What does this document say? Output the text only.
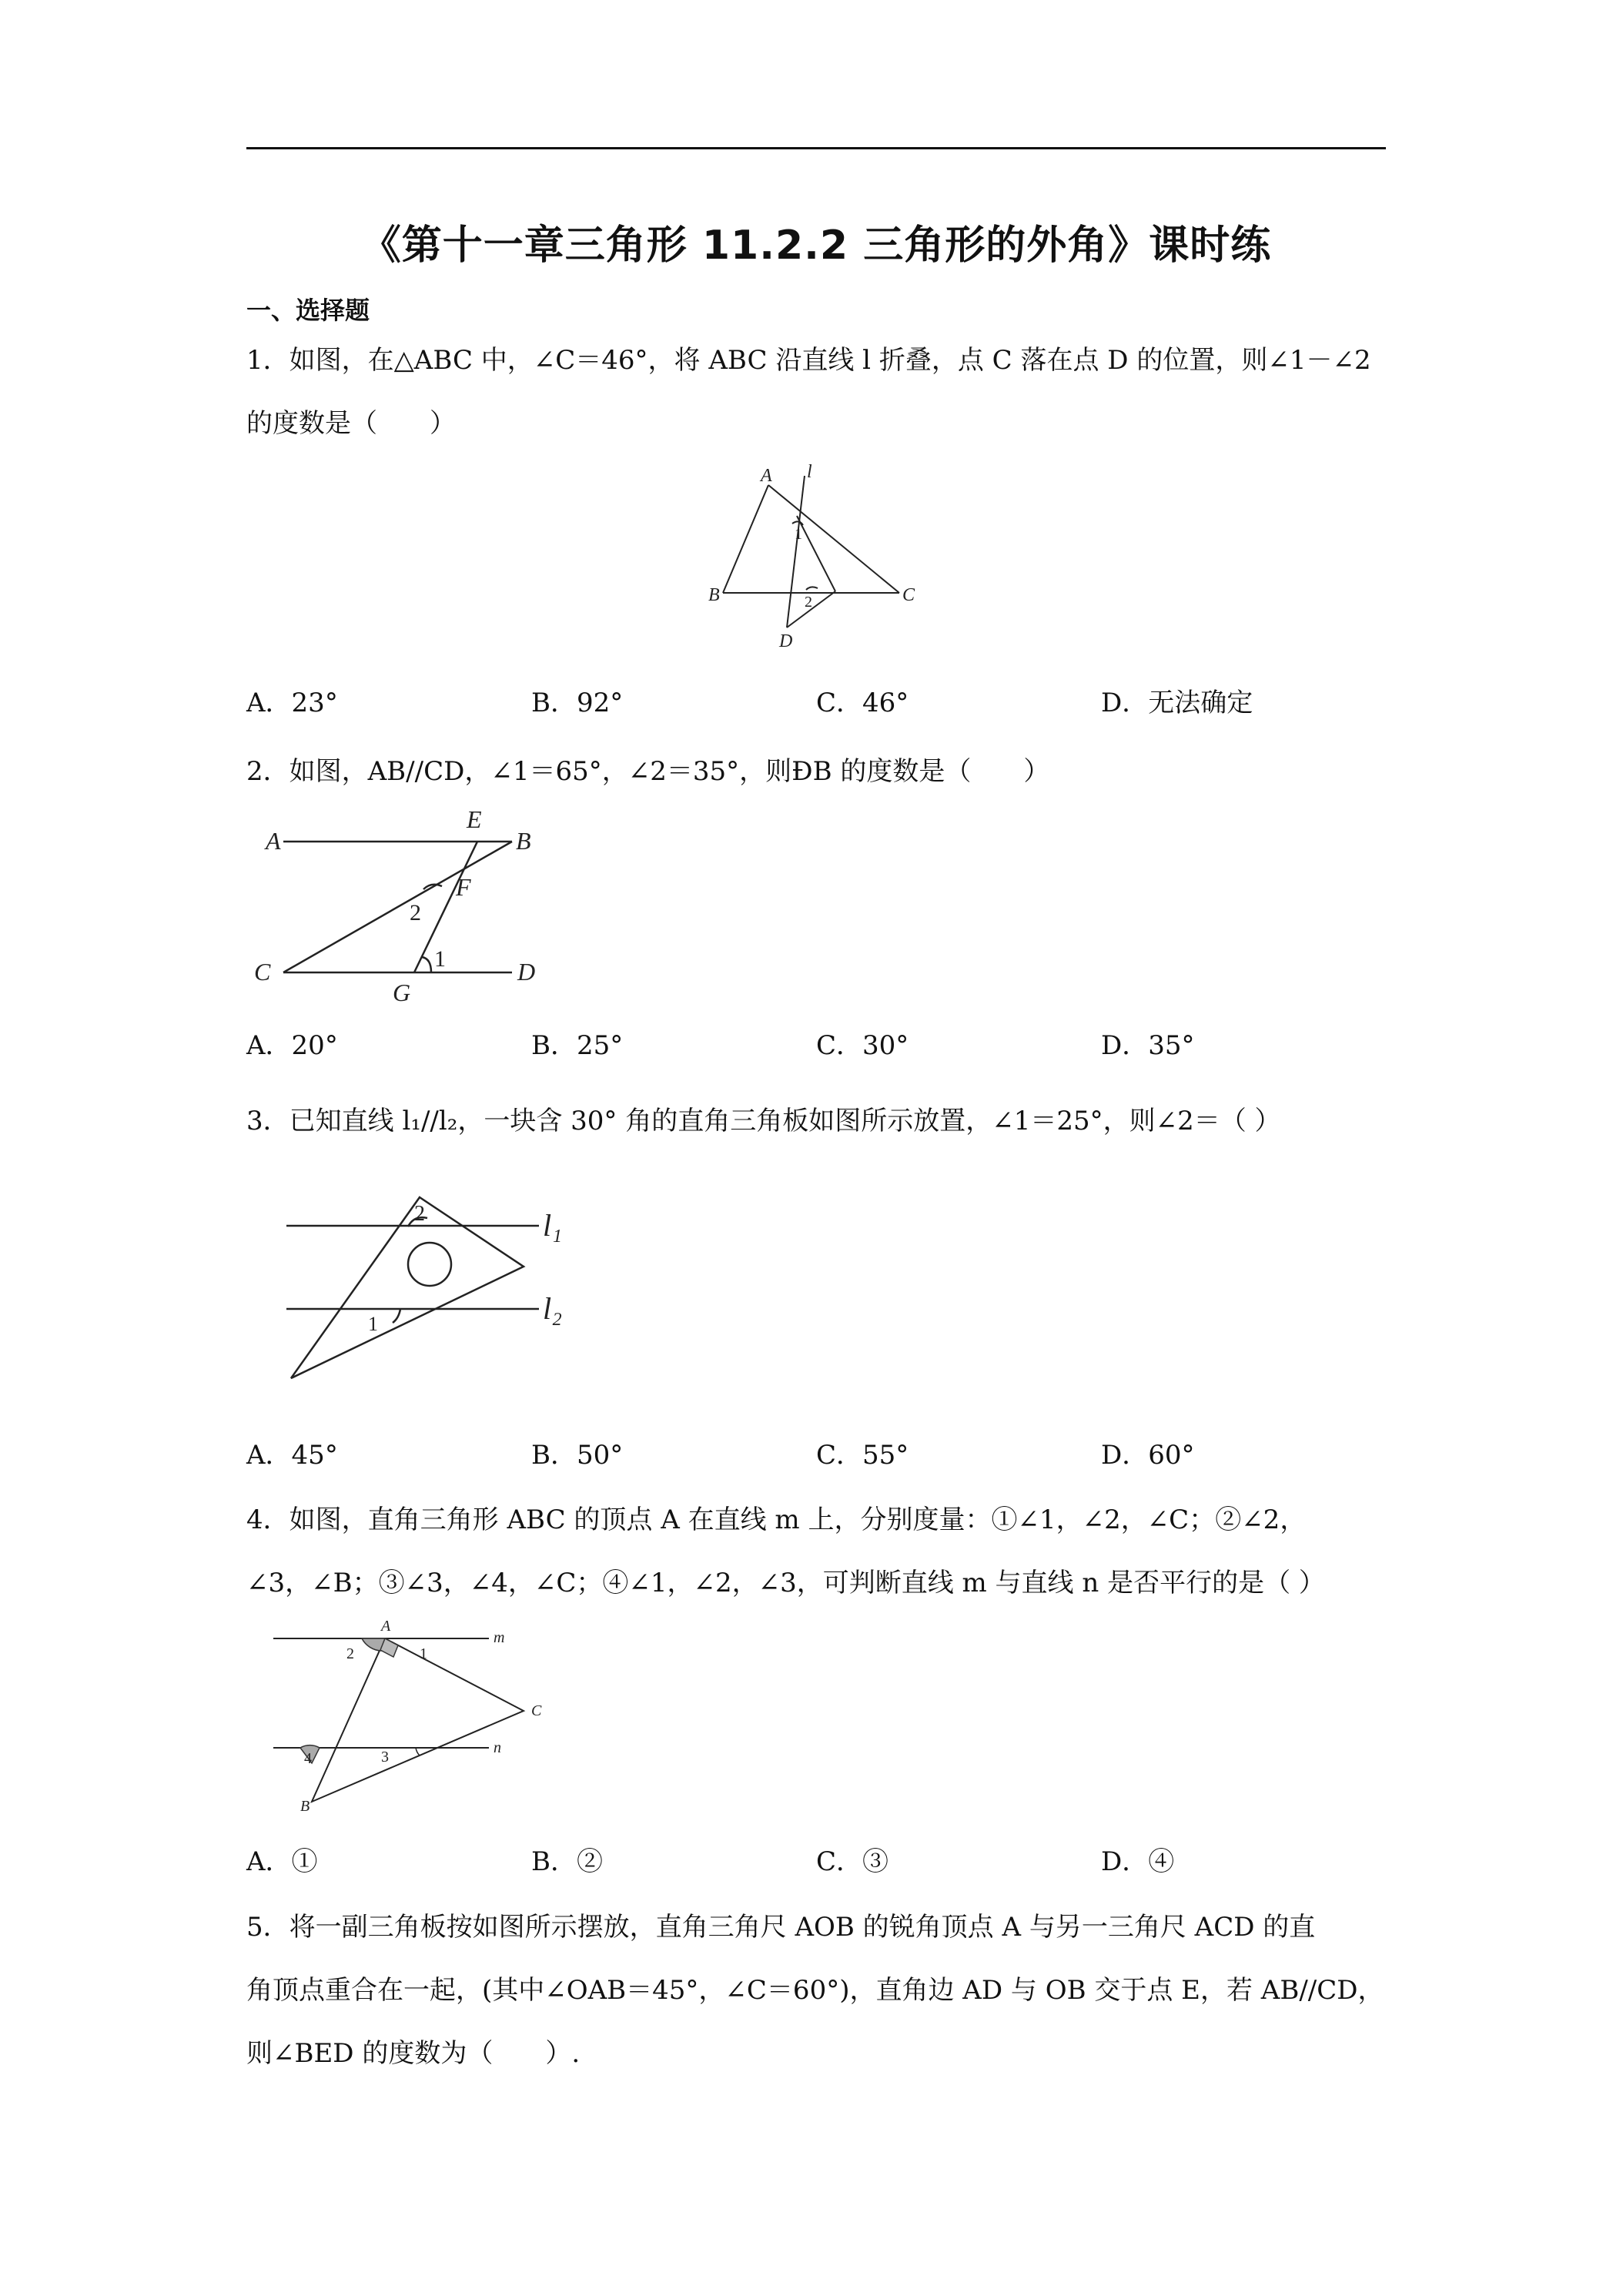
《第十一章三角形 11.2.2 三角形的外角》课时练
一、选择题
1．如图，在△ABC 中，∠C＝46°，将 ABC 沿直线 l 折叠，点 C 落在点 D 的位置，则∠1－∠2
的度数是（　　）
A l
1
B	2	C
D
A．23°	B．92°	C．46°	D．无法确定
2．如图，AB//CD，∠1＝65°，∠2＝35°，则ÐB 的度数是（　　）
A
E
B
F
2
C
G
1	D
A．20°	B．25°	C．30°	D．35°
3．已知直线 l₁//l₂，一块含 30° 角的直角三角板如图所示放置，∠1＝25°，则∠2＝（ ）
2	l₁
l₂
1
A．45°	B．50°	C．55°	D．60°
4．如图，直角三角形 ABC 的顶点 A 在直线 m 上，分别度量：①∠1，∠2，∠C；②∠2，
∠3，∠B；③∠3，∠4，∠C；④∠1，∠2，∠3，可判断直线 m 与直线 n 是否平行的是（ ）
A
m
2	1
C
4	3
n
B
A．①	B．②	C．③	D．④
5．将一副三角板按如图所示摆放，直角三角尺 AOB 的锐角顶点 A 与另一三角尺 ACD 的直
角顶点重合在一起，(其中∠OAB＝45°，∠C＝60°)，直角边 AD 与 OB 交于点 E，若 AB//CD，
则∠BED 的度数为（　　）.
